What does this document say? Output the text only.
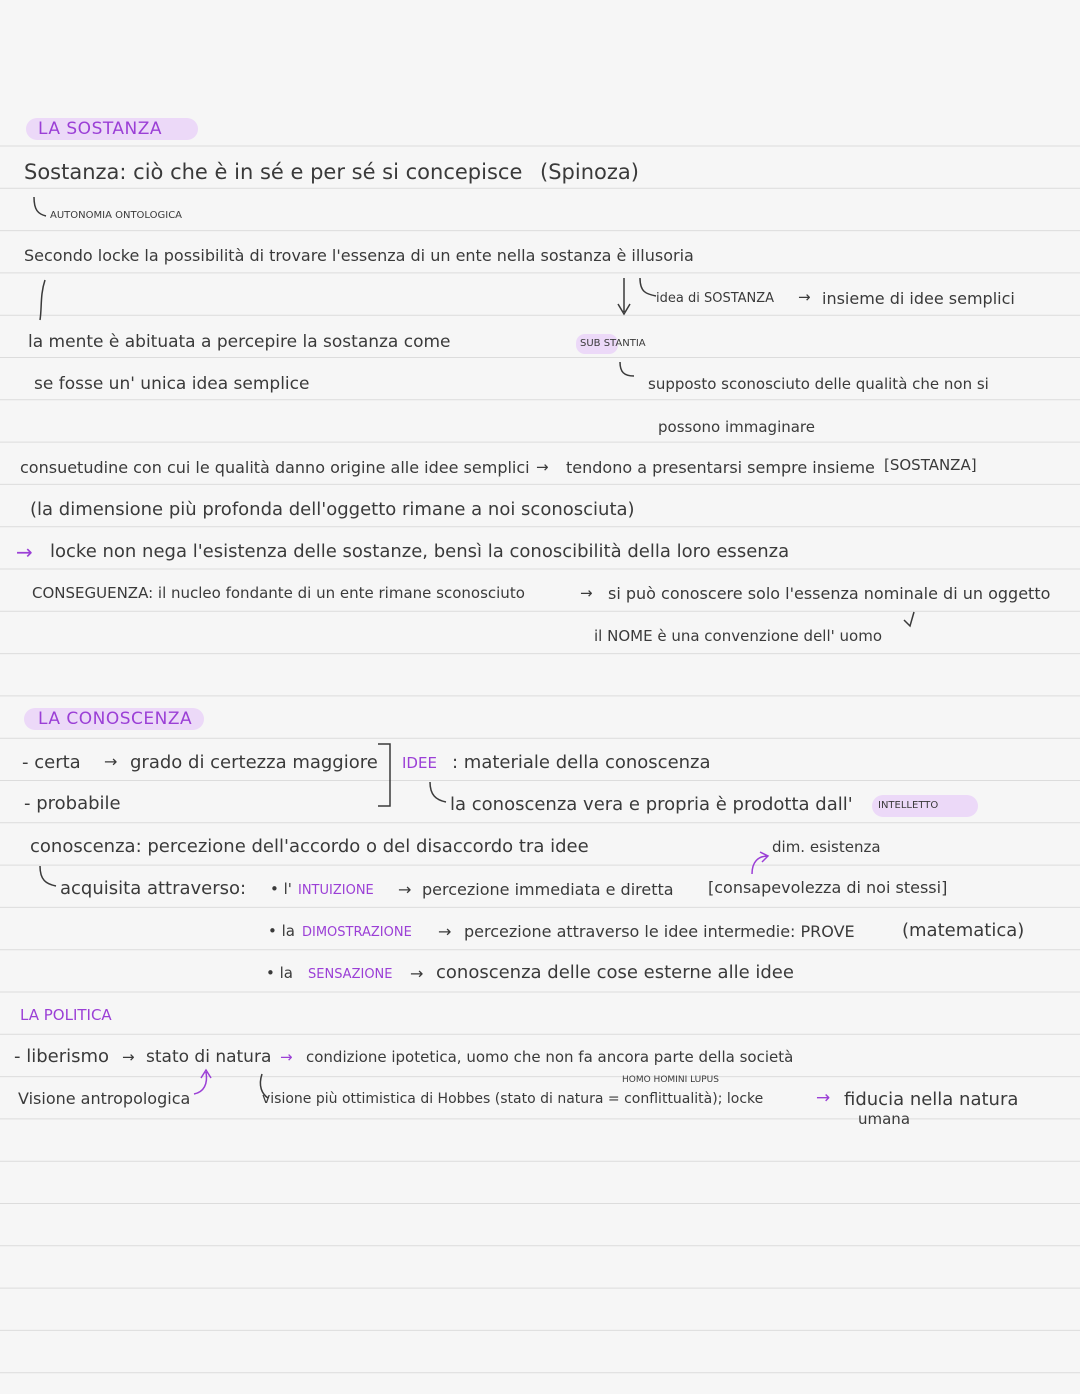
LA SOSTANZA
Sostanza: ciò che è in sé e per sé si concepisce (Spinoza)
AUTONOMIA ONTOLOGICA
Secondo locke la possibilità di trovare l'essenza di un ente nella sostanza è illusoria
idea di SOSTANZA → insieme di idee semplici
la mente è abituata a percepire la sostanza come	SUB STANTIA
se fosse un' unica idea semplice	supposto sconosciuto delle qualità che non si
possono immaginare
consuetudine con cui le qualità danno origine alle idee semplici → tendono a presentarsi sempre insieme [SOSTANZA]
(la dimensione più profonda dell'oggetto rimane a noi sconosciuta)
→ locke non nega l'esistenza delle sostanze, bensì la conoscibilità della loro essenza
CONSEGUENZA: il nucleo fondante di un ente rimane sconosciuto	→ si può conoscere solo l'essenza nominale di un oggetto
il NOME è una convenzione dell' uomo
LA CONOSCENZA
- certa → grado di certezza maggiore IDEE : materiale della conoscenza
- probabile	la conoscenza vera e propria è prodotta dall'	INTELLETTO
conoscenza: percezione dell'accordo o del disaccordo tra idee	dim. esistenza
acquisita attraverso: • l' INTUIZIONE → percezione immediata e diretta [consapevolezza di noi stessi]
• la DIMOSTRAZIONE → percezione attraverso le idee intermedie: PROVE	(matematica)
• la SENSAZIONE → conoscenza delle cose esterne alle idee
LA POLITICA
- liberismo → stato di natura → condizione ipotetica, uomo che non fa ancora parte della società
Visione antropologica
HOMO HOMINI LUPUS
visione più ottimistica di Hobbes (stato di natura = conflittualità); locke	→ fiducia nella natura
umana
